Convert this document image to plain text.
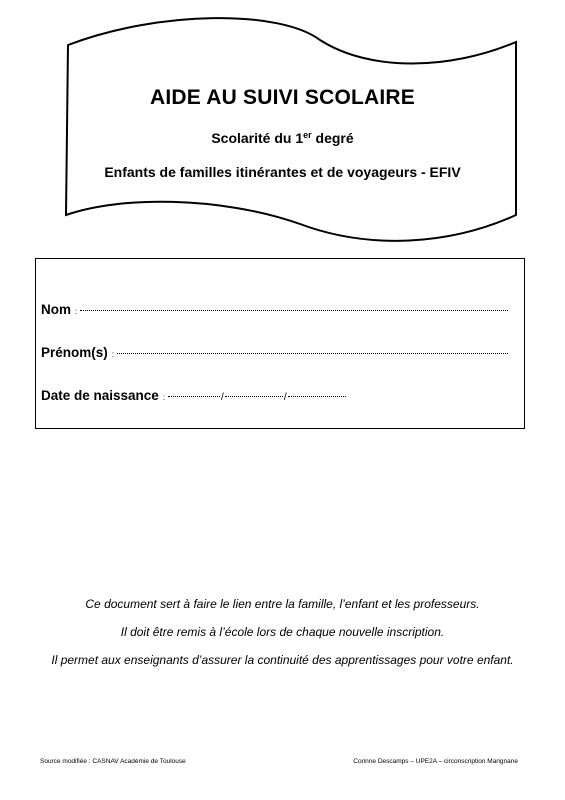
AIDE AU SUIVI SCOLAIRE
Scolarité du 1er degré
Enfants de familles itinérantes et de voyageurs - EFIV
Nom :
Prénom(s) :
Date de naissance :	/	/
Ce document sert à faire le lien entre la famille, l’enfant et les professeurs.
Il doit être remis à l’école lors de chaque nouvelle inscription.
Il permet aux enseignants d’assurer la continuité des apprentissages pour votre enfant.
Source modifiée : CASNAV Académie de Toulouse	Corinne Descamps – UPE2A – circonscription Marignane
